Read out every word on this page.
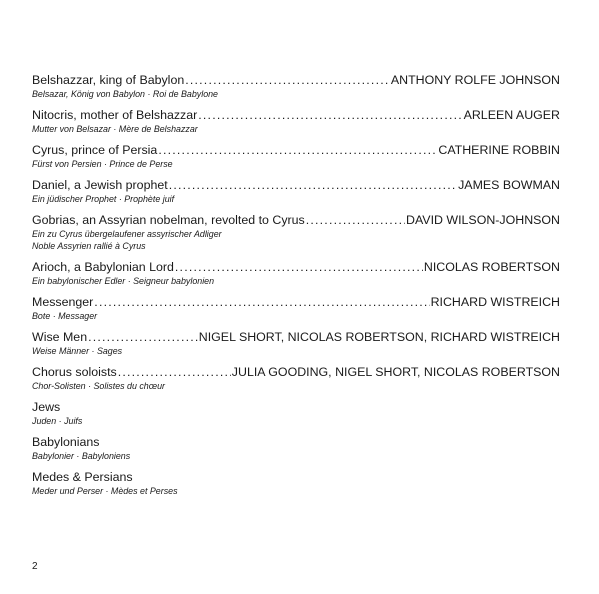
Belshazzar, king of Babylon .....	ANTHONY ROLFE JOHNSON
Belsazar, König von Babylon · Roi de Babylone
Nitocris, mother of Belshazzar .....	ARLEEN AUGER
Mutter von Belsazar · Mère de Belshazzar
Cyrus, prince of Persia .....	CATHERINE ROBBIN
Fürst von Persien · Prince de Perse
Daniel, a Jewish prophet .....	JAMES BOWMAN
Ein jüdischer Prophet · Prophète juif
Gobrias, an Assyrian nobelman, revolted to Cyrus .....	DAVID WILSON-JOHNSON
Ein zu Cyrus übergelaufener assyrischer Adliger
Noble Assyrien rallié à Cyrus
Arioch, a Babylonian Lord .....	NICOLAS ROBERTSON
Ein babylonischer Edler · Seigneur babylonien
Messenger .....	RICHARD WISTREICH
Bote · Messager
Wise Men .....	NIGEL SHORT, NICOLAS ROBERTSON, RICHARD WISTREICH
Weise Männer · Sages
Chorus soloists .....	JULIA GOODING, NIGEL SHORT, NICOLAS ROBERTSON
Chor-Solisten · Solistes du chœur
Jews
Juden · Juifs
Babylonians
Babylonier · Babyloniens
Medes & Persians
Meder und Perser · Mèdes et Perses
2
